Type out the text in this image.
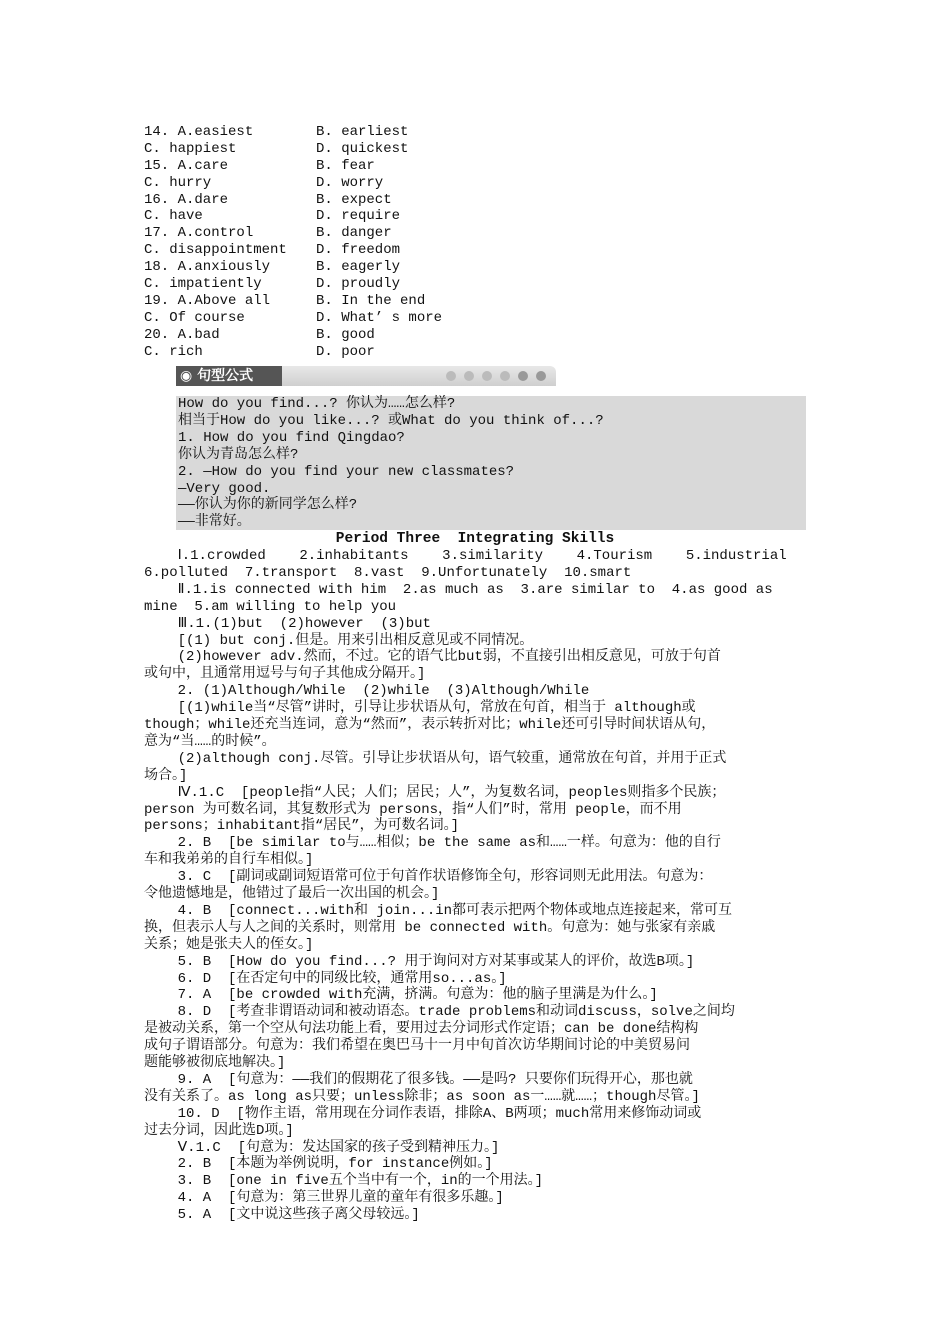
14. A.easiest	B. earliest
C. happiest	D. quickest
15. A.care	B. fear
C. hurry	D. worry
16. A.dare	B. expect
C. have	D. require
17. A.control	B. danger
C. disappointment D. freedom
18. A.anxiously	B. eagerly
C. impatiently	D. proudly
19. A.Above all	B. In the end
C. Of course	D. What’ s more
20. A.bad	B. good
C. rich	D. poor
◉ 句型公式
How do you find...? 你认为……怎么样?
相当于How do you like...? 或What do you think of...?
1. How do you find Qingdao?
你认为青岛怎么样?
2. —How do you find your new classmates?
—Very good.
——你认为你的新同学怎么样?
——非常好。
Period Three  Integrating Skills
Ⅰ.1.crowded    2.inhabitants    3.similarity    4.Tourism    5.industrial
6.polluted  7.transport  8.vast  9.Unfortunately  10.smart
Ⅱ.1.is connected with him  2.as much as  3.are similar to  4.as good as
mine  5.am willing to help you
Ⅲ.1.(1)but  (2)however  (3)but
[(1) but conj.但是。用来引出相反意见或不同情况。
(2)however adv.然而，不过。它的语气比but弱，不直接引出相反意见，可放于句首
或句中，且通常用逗号与句子其他成分隔开。]
2. (1)Although/While  (2)while  (3)Although/While
[(1)while当“尽管”讲时，引导让步状语从句，常放在句首，相当于 although或
though；while还充当连词，意为“然而”，表示转折对比；while还可引导时间状语从句，
意为“当……的时候”。
(2)although conj.尽管。引导让步状语从句，语气较重，通常放在句首，并用于正式
场合。]
Ⅳ.1.C  [people指“人民；人们；居民；人”，为复数名词，peoples则指多个民族；
person 为可数名词，其复数形式为 persons，指“人们”时，常用 people，而不用
persons；inhabitant指“居民”，为可数名词。]
2. B  [be similar to与……相似；be the same as和……一样。句意为：他的自行
车和我弟弟的自行车相似。]
3. C  [副词或副词短语常可位于句首作状语修饰全句，形容词则无此用法。句意为：
令他遗憾地是，他错过了最后一次出国的机会。]
4. B  [connect...with和 join...in都可表示把两个物体或地点连接起来，常可互
换，但表示人与人之间的关系时，则常用 be connected with。句意为：她与张家有亲戚
关系；她是张夫人的侄女。]
5. B  [How do you find...? 用于询问对方对某事或某人的评价，故选B项。]
6. D  [在否定句中的同级比较，通常用so...as。]
7. A  [be crowded with充满，挤满。句意为：他的脑子里满是为什么。]
8. D  [考查非谓语动词和被动语态。trade problems和动词discuss，solve之间均
是被动关系，第一个空从句法功能上看，要用过去分词形式作定语；can be done结构构
成句子谓语部分。句意为：我们希望在奥巴马十一月中旬首次访华期间讨论的中美贸易问
题能够被彻底地解决。]
9. A  [句意为：——我们的假期花了很多钱。——是吗? 只要你们玩得开心，那也就
没有关系了。as long as只要；unless除非；as soon as一……就……；though尽管。]
10. D  [物作主语，常用现在分词作表语，排除A、B两项；much常用来修饰动词或
过去分词，因此选D项。]
Ⅴ.1.C  [句意为：发达国家的孩子受到精神压力。]
2. B  [本题为举例说明，for instance例如。]
3. B  [one in five五个当中有一个，in的一个用法。]
4. A  [句意为：第三世界儿童的童年有很多乐趣。]
5. A  [文中说这些孩子离父母较远。]
